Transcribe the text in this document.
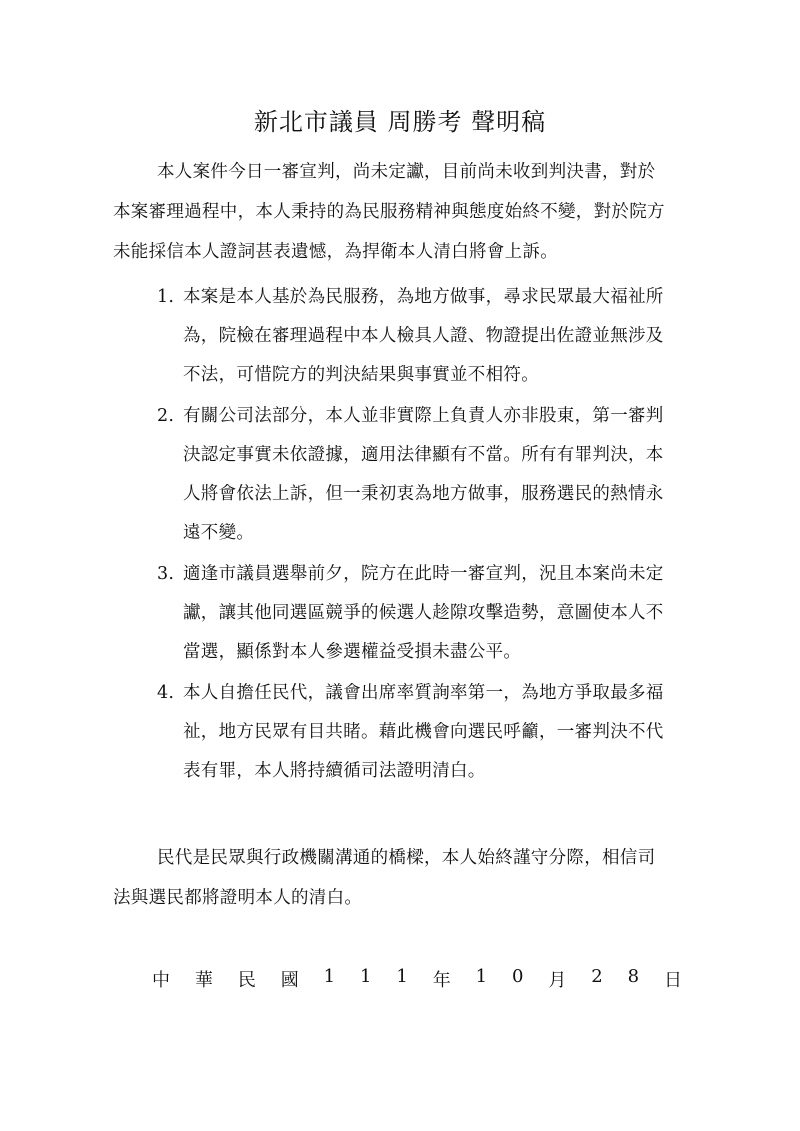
新北市議員 周勝考 聲明稿

本人案件今日一審宣判，尚未定讞，目前尚未收到判決書，對於本案審理過程中，本人秉持的為民服務精神與態度始終不變，對於院方未能採信本人證詞甚表遺憾，為捍衛本人清白將會上訴。

1. 本案是本人基於為民服務，為地方做事，尋求民眾最大福祉所為，院檢在審理過程中本人檢具人證、物證提出佐證並無涉及不法，可惜院方的判決結果與事實並不相符。
2. 有關公司法部分，本人並非實際上負責人亦非股東，第一審判決認定事實未依證據，適用法律顯有不當。所有有罪判決，本人將會依法上訴，但一秉初衷為地方做事，服務選民的熱情永遠不變。
3. 適逢市議員選舉前夕，院方在此時一審宣判，況且本案尚未定讞，讓其他同選區競爭的候選人趁隙攻擊造勢，意圖使本人不當選，顯係對本人參選權益受損未盡公平。
4. 本人自擔任民代，議會出席率質詢率第一，為地方爭取最多福祉，地方民眾有目共睹。藉此機會向選民呼籲，一審判決不代表有罪，本人將持續循司法證明清白。

民代是民眾與行政機關溝通的橋樑，本人始終謹守分際，相信司法與選民都將證明本人的清白。

中 華 民 國 1 1 1 年 1 0 月 2 8 日
